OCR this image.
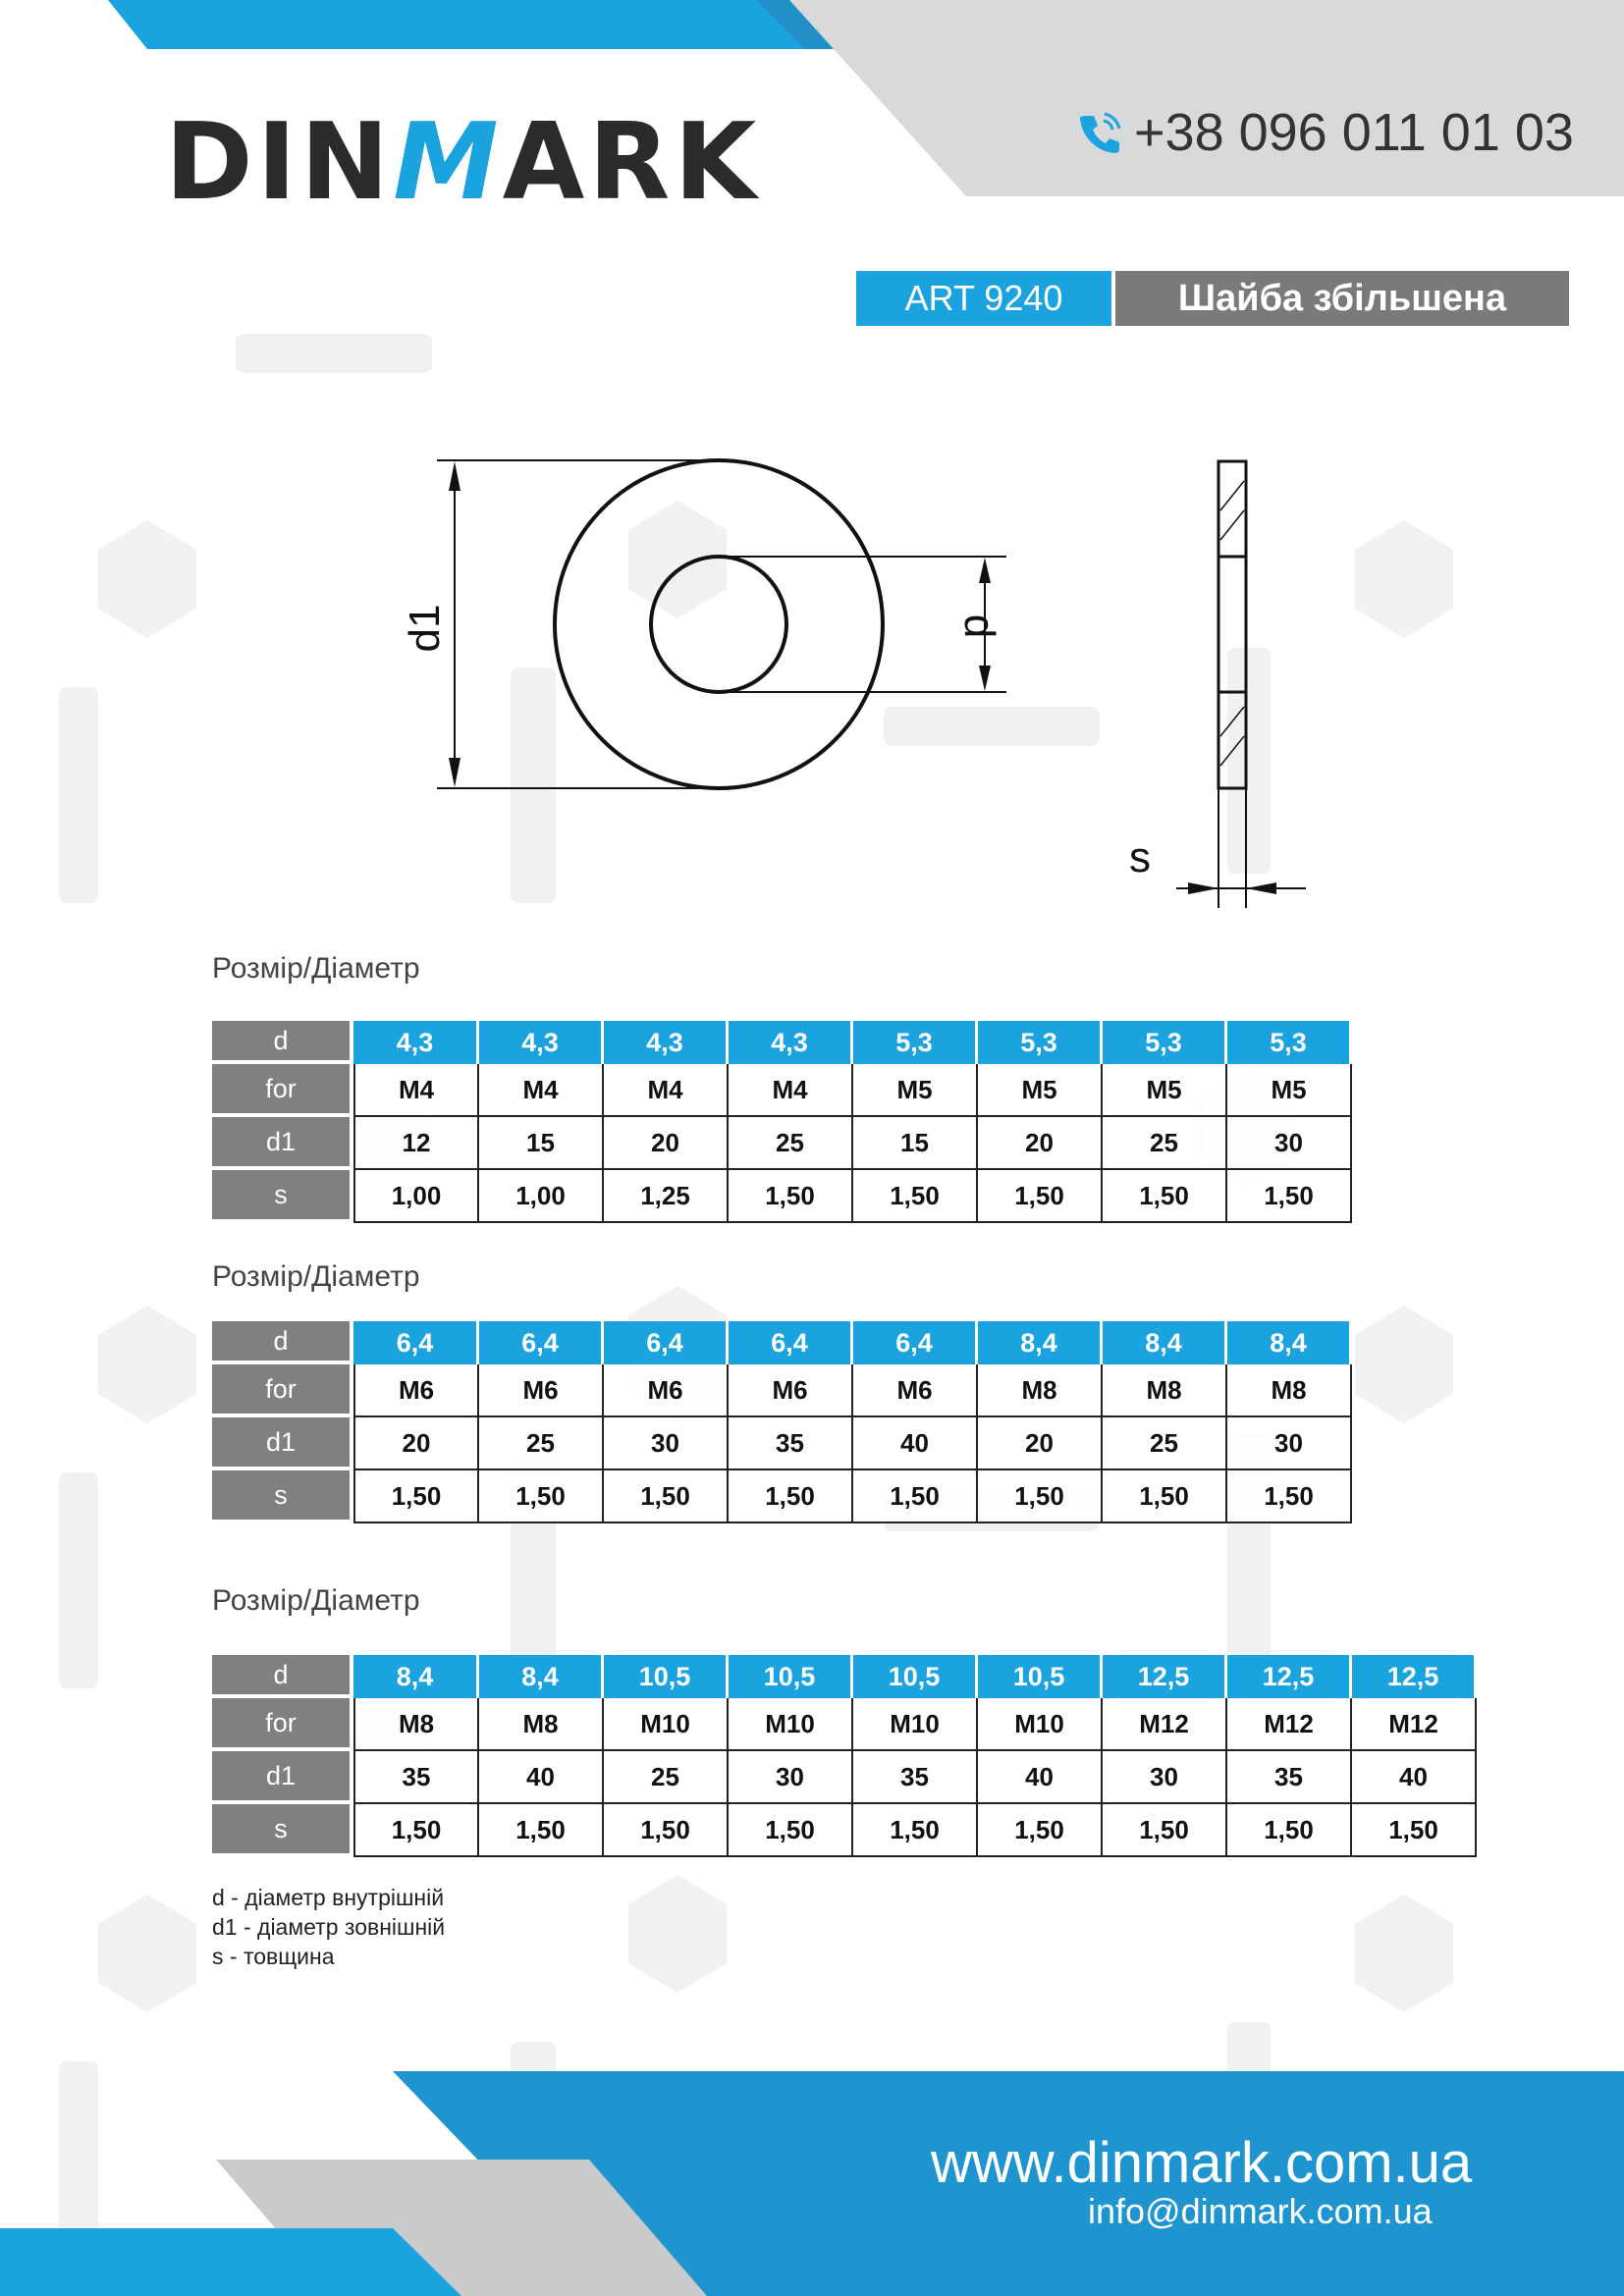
DINMARK	+38 096 011 01 03
ART 9240	Шайба збільшена
d1	d
s
Розмір/Діаметр
d	4,3	4,3	4,3	4,3	5,3	5,3	5,3	5,3
for	M4	M4	M4	M4	M5	M5	M5	M5
d1	12	15	20	25	15	20	25	30
s	1,00	1,00	1,25	1,50	1,50	1,50	1,50	1,50
Розмір/Діаметр
d	6,4	6,4	6,4	6,4	6,4	8,4	8,4	8,4
for	M6	M6	M6	M6	M6	M8	M8	M8
d1	20	25	30	35	40	20	25	30
s	1,50	1,50	1,50	1,50	1,50	1,50	1,50	1,50
Розмір/Діаметр
d	8,4	8,4	10,5	10,5	10,5	10,5	12,5	12,5	12,5
for	M8	M8	M10	M10	M10	M10	M12	M12	M12
d1	35	40	25	30	35	40	30	35	40
s	1,50	1,50	1,50	1,50	1,50	1,50	1,50	1,50	1,50
d - діаметр внутрішній
d1 - діаметр зовнішній
s - товщина
www.dinmark.com.ua
info@dinmark.com.ua
